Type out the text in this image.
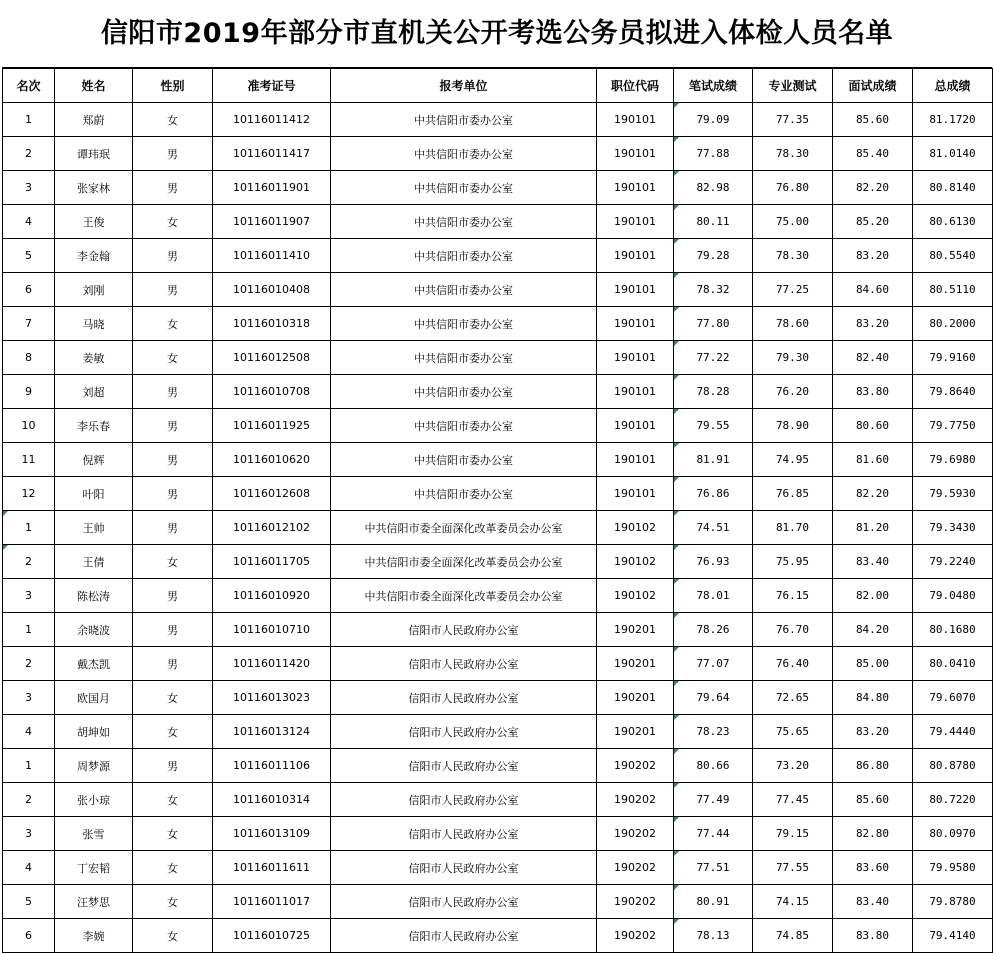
信阳市2019年部分市直机关公开考选公务员拟进入体检人员名单
名次	姓名	性别	准考证号	报考单位	职位代码	笔试成绩	专业测试	面试成绩	总成绩
1	郑蔚	女	10116011412	中共信阳市委办公室	190101	79.09	77.35	85.60	81.1720
2	谭玮珉	男	10116011417	中共信阳市委办公室	190101	77.88	78.30	85.40	81.0140
3	张家林	男	10116011901	中共信阳市委办公室	190101	82.98	76.80	82.20	80.8140
4	王俊	女	10116011907	中共信阳市委办公室	190101	80.11	75.00	85.20	80.6130
5	李金翰	男	10116011410	中共信阳市委办公室	190101	79.28	78.30	83.20	80.5540
6	刘刚	男	10116010408	中共信阳市委办公室	190101	78.32	77.25	84.60	80.5110
7	马晓	女	10116010318	中共信阳市委办公室	190101	77.80	78.60	83.20	80.2000
8	姜敏	女	10116012508	中共信阳市委办公室	190101	77.22	79.30	82.40	79.9160
9	刘超	男	10116010708	中共信阳市委办公室	190101	78.28	76.20	83.80	79.8640
10	李乐春	男	10116011925	中共信阳市委办公室	190101	79.55	78.90	80.60	79.7750
11	倪辉	男	10116010620	中共信阳市委办公室	190101	81.91	74.95	81.60	79.6980
12	叶阳	男	10116012608	中共信阳市委办公室	190101	76.86	76.85	82.20	79.5930
1	王帅	男	10116012102	中共信阳市委全面深化改革委员会办公室	190102	74.51	81.70	81.20	79.3430
2	王倩	女	10116011705	中共信阳市委全面深化改革委员会办公室	190102	76.93	75.95	83.40	79.2240
3	陈松涛	男	10116010920	中共信阳市委全面深化改革委员会办公室	190102	78.01	76.15	82.00	79.0480
1	余晓波	男	10116010710	信阳市人民政府办公室	190201	78.26	76.70	84.20	80.1680
2	戴杰凯	男	10116011420	信阳市人民政府办公室	190201	77.07	76.40	85.00	80.0410
3	欧国月	女	10116013023	信阳市人民政府办公室	190201	79.64	72.65	84.80	79.6070
4	胡坤如	女	10116013124	信阳市人民政府办公室	190201	78.23	75.65	83.20	79.4440
1	周梦源	男	10116011106	信阳市人民政府办公室	190202	80.66	73.20	86.80	80.8780
2	张小琼	女	10116010314	信阳市人民政府办公室	190202	77.49	77.45	85.60	80.7220
3	张雪	女	10116013109	信阳市人民政府办公室	190202	77.44	79.15	82.80	80.0970
4	丁宏韬	女	10116011611	信阳市人民政府办公室	190202	77.51	77.55	83.60	79.9580
5	汪梦思	女	10116011017	信阳市人民政府办公室	190202	80.91	74.15	83.40	79.8780
6	李婉	女	10116010725	信阳市人民政府办公室	190202	78.13	74.85	83.80	79.4140
